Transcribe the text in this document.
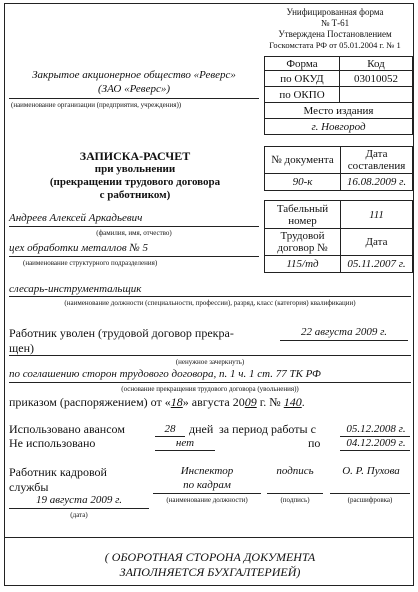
Унифицированная форма
№ Т-61
Утверждена Постановлением
Госкомстата РФ от 05.01.2004 г. № 1
Форма	Код
по ОКУД	03010052
по ОКПО
Закрытое акционерное общество «Реверс»
(ЗАО «Реверс»)
(наименование организации (предприятия, учреждения))	Место издания
г. Новгород
ЗАПИСКА-РАСЧЕТ
при увольнении
(прекращении трудового договора
с работником)
№ документа	Дата составления
90-к	16.08.2009 г.
Табельный номер	111
Трудовой договор №	Дата
115/тд	05.11.2007 г.
Андреев Алексей Аркадьевич
(фамилия, имя, отчество)
цех обработки металлов № 5
(наименование структурного подразделения)
слесарь-инструментальщик
(наименование должности (специальности, профессии), разряд, класс (категория) квалификации)
Работник уволен (трудовой договор прекра-
щен)
22 августа 2009 г.
(ненужное зачеркнуть)
по соглашению сторон трудового договора, п. 1 ч. 1 ст. 77 ТК РФ
(основание прекращения трудового договора (увольнения))
приказом (распоряжением) от «18» августа 2009 г. № 140.
Использовано авансом	28	дней за период работы с	05.12.2008 г.
Не использовано	нет	по	04.12.2009 г.
Работник кадровой
службы
Инспектор
по кадрам
подпись	О. Р. Пухова
(наименование должности)	(подпись)	(расшифровка)
19 августа 2009 г.
(дата)
( ОБОРОТНАЯ СТОРОНА ДОКУМЕНТА
ЗАПОЛНЯЕТСЯ БУХГАЛТЕРИЕЙ)
